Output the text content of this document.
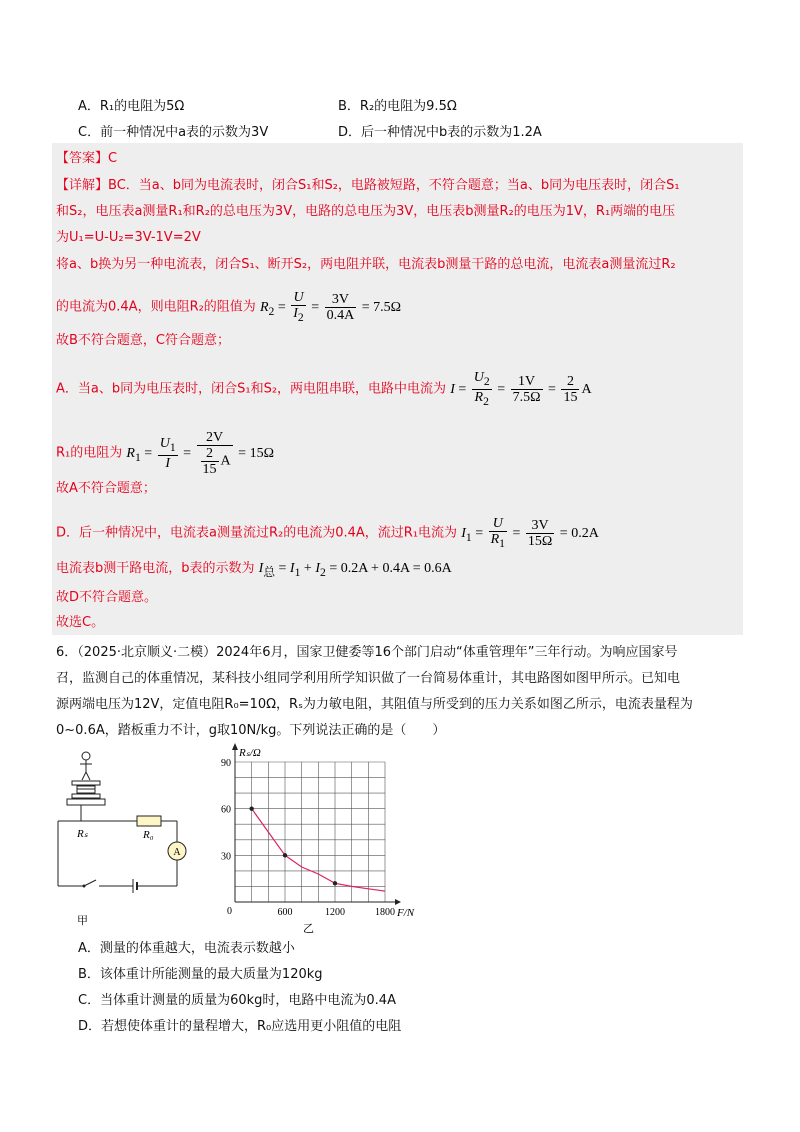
A．R₁的电阻为5Ω	B．R₂的电阻为9.5Ω
C．前一种情况中a表的示数为3V	D．后一种情况中b表的示数为1.2A
【答案】C
【详解】BC．当a、b同为电流表时，闭合S₁和S₂，电路被短路，不符合题意；当a、b同为电压表时，闭合S₁
和S₂，电压表a测量R₁和R₂的总电压为3V，电路的总电压为3V，电压表b测量R₂的电压为1V，R₁两端的电压
为U₁=U-U₂=3V-1V=2V
将a、b换为另一种电流表，闭合S₁、断开S₂，两电阻并联，电流表b测量干路的总电流，电流表a测量流过R₂
的电流为0.4A，则电阻R₂的阻值为 $R_2 = \frac{U}{I_2} = \frac{3V}{0.4A} = 7.5\Omega$
故B不符合题意，C符合题意；
A．当a、b同为电压表时，闭合S₁和S₂，两电阻串联，电路中电流为 $I = \frac{U_2}{R_2} = \frac{1V}{7.5\Omega} = \frac{2}{15}$ A
R₁的电阻为 $R_1 = \frac{U_1}{I} = \frac{2V}{\frac{2}{15} A} = 15\Omega$
故A不符合题意；
D．后一种情况中，电流表a测量流过R₂的电流为0.4A，流过R₁电流为 $I_1 = \frac{U}{R_1} = \frac{3V}{15\Omega} = 0.2A$
电流表b测干路电流，b表的示数为 $I_总 = I_1 + I_2 = 0.2A + 0.4A = 0.6A$
故D不符合题意。
故选C。
6．（2025·北京顺义·二模）2024年6月，国家卫健委等16个部门启动“体重管理年”三年行动。为响应国家号
召，监测自己的体重情况，某科技小组同学利用所学知识做了一台简易体重计，其电路图如图甲所示。已知电
源两端电压为12V，定值电阻R₀=10Ω，Rₛ为力敏电阻，其阻值与所受到的压力关系如图乙所示，电流表量程为
0~0.6A，踏板重力不计，g取10N/kg。下列说法正确的是（　　）
A
Rₛ	R₀
甲
600	1200	1800
30
60
90
Rₛ/Ω
F/N
0
乙
A．测量的体重越大，电流表示数越小
B．该体重计所能测量的最大质量为120kg
C．当体重计测量的质量为60kg时，电路中电流为0.4A
D．若想使体重计的量程增大，R₀应选用更小阻值的电阻
